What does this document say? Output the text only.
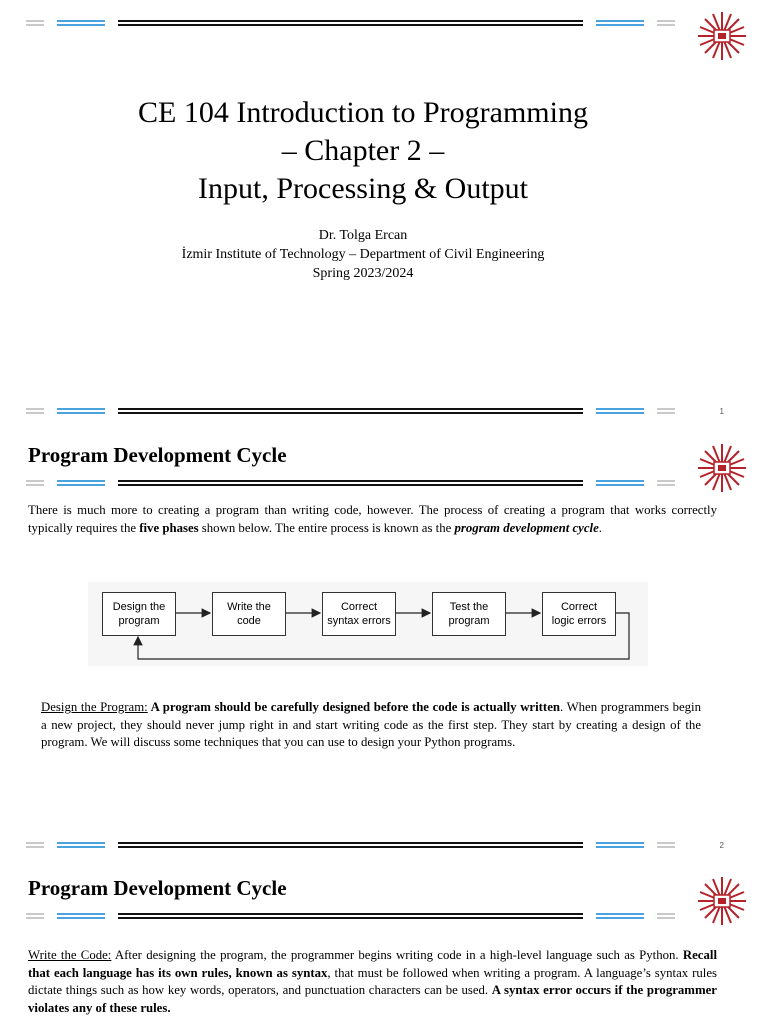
CE 104 Introduction to Programming
– Chapter 2 –
Input, Processing & Output
Dr. Tolga Ercan
İzmir Institute of Technology – Department of Civil Engineering
Spring 2023/2024
1
Program Development Cycle
There is much more to creating a program than writing code, however. The process of creating a program that works correctly typically requires the five phases shown below. The entire process is known as the program development cycle.
Design the
program
Write the
code
Correct
syntax errors
Test the
program
Correct
logic errors
Design the Program: A program should be carefully designed before the code is actually written. When programmers begin a new project, they should never jump right in and start writing code as the first step. They start by creating a design of the program. We will discuss some techniques that you can use to design your Python programs.
2
Program Development Cycle
Write the Code: After designing the program, the programmer begins writing code in a high-level language such as Python. Recall that each language has its own rules, known as syntax, that must be followed when writing a program. A language’s syntax rules dictate things such as how key words, operators, and punctuation characters can be used. A syntax error occurs if the programmer violates any of these rules.
